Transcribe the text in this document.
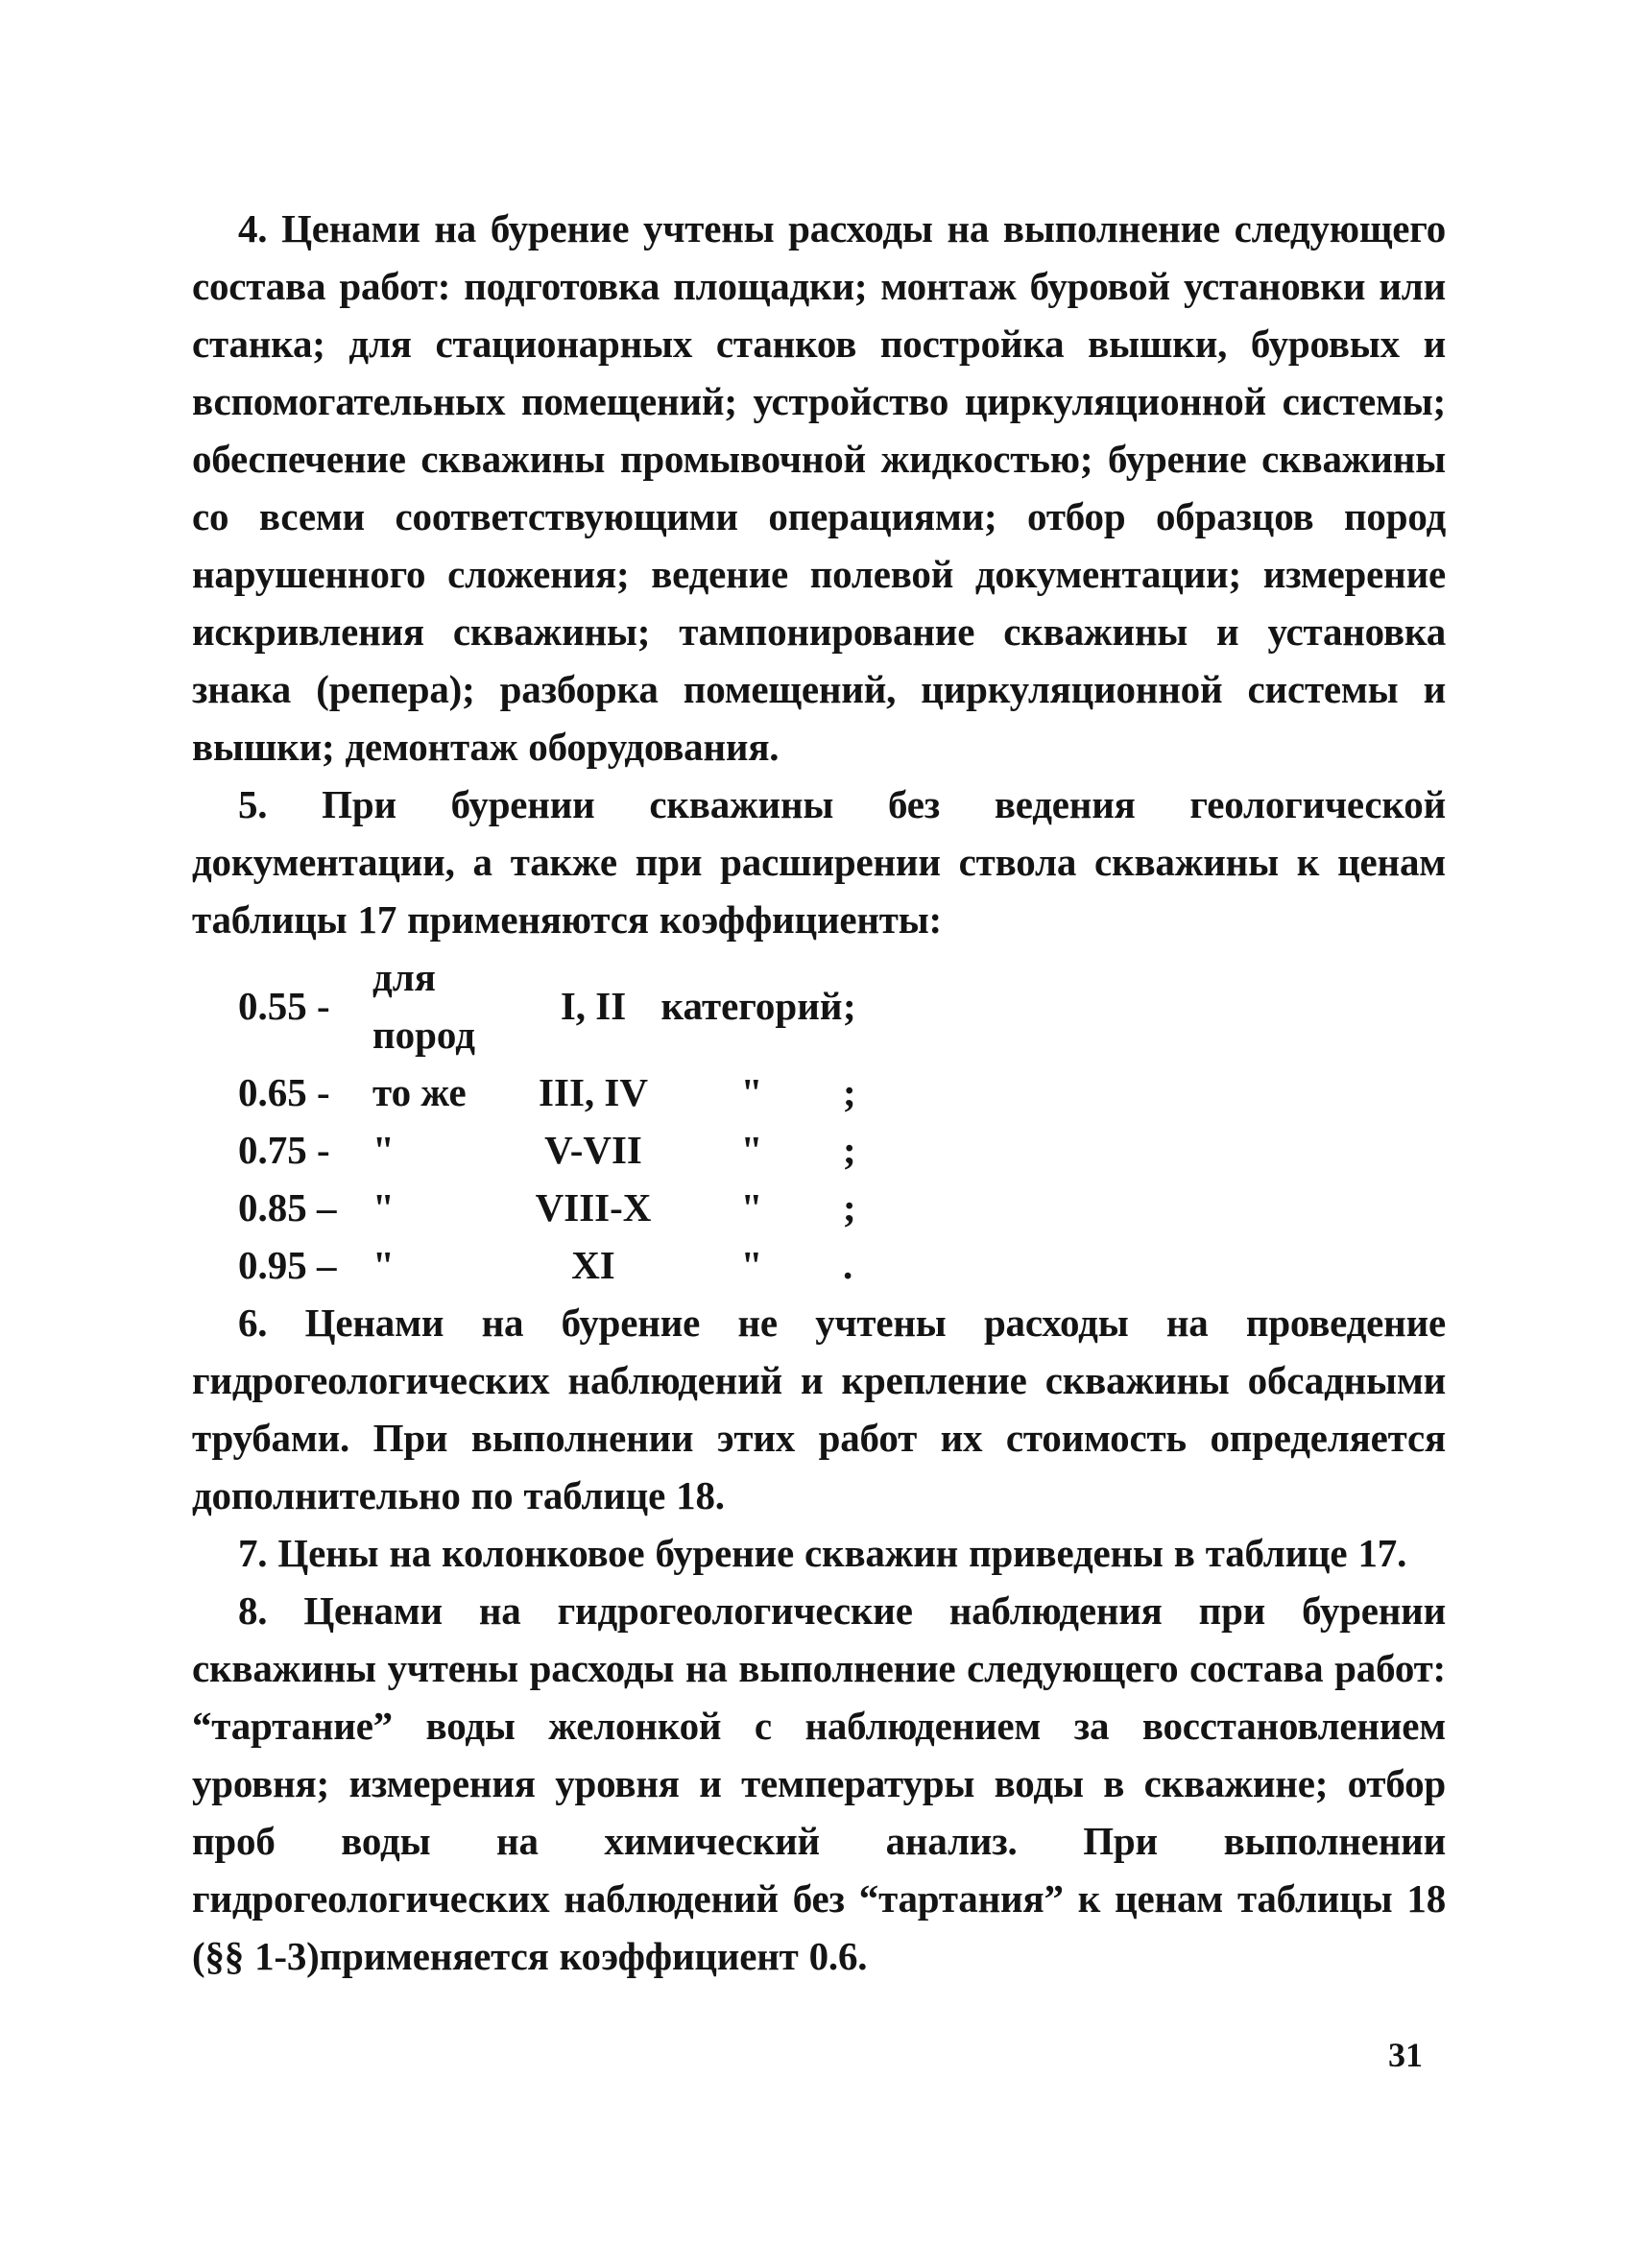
4. Ценами на бурение учтены расходы на выполнение следующего состава работ: подготовка площадки; монтаж буровой установки или станка; для стационарных станков постройка вышки, буровых и вспомогательных помещений; устройство циркуляционной системы; обеспечение скважины промывочной жидкостью; бурение скважины со всеми соответствующими операциями; отбор образцов пород нарушенного сложения; ведение полевой документации; измерение искривления скважины; тампонирование скважины и установка знака (репера); разборка помещений, циркуляционной системы и вышки; демонтаж оборудования.

5. При бурении скважины без ведения геологической документации, а также при расширении ствола скважины к ценам таблицы 17 применяются коэффициенты:

0.55 -	для пород	I, II	категорий	;
0.65 -	то же	III, IV	"	;
0.75 -	"	V-VII	"	;
0.85 –	"	VIII-X	"	;
0.95 –	"	XI	"	.

6. Ценами на бурение не учтены расходы на проведение гидрогеологических наблюдений и крепление скважины обсадными трубами. При выполнении этих работ их стоимость определяется дополнительно по таблице 18.

7. Цены на колонковое бурение скважин приведены в таблице 17.

8. Ценами на гидрогеологические наблюдения при бурении скважины учтены расходы на выполнение следующего состава работ: “тартание” воды желонкой с наблюдением за восстановлением уровня; измерения уровня и температуры воды в скважине; отбор проб воды на химический анализ. При выполнении гидрогеологических наблюдений без “тартания” к ценам таблицы 18 (§§ 1-3)применяется коэффициент 0.6.

31
